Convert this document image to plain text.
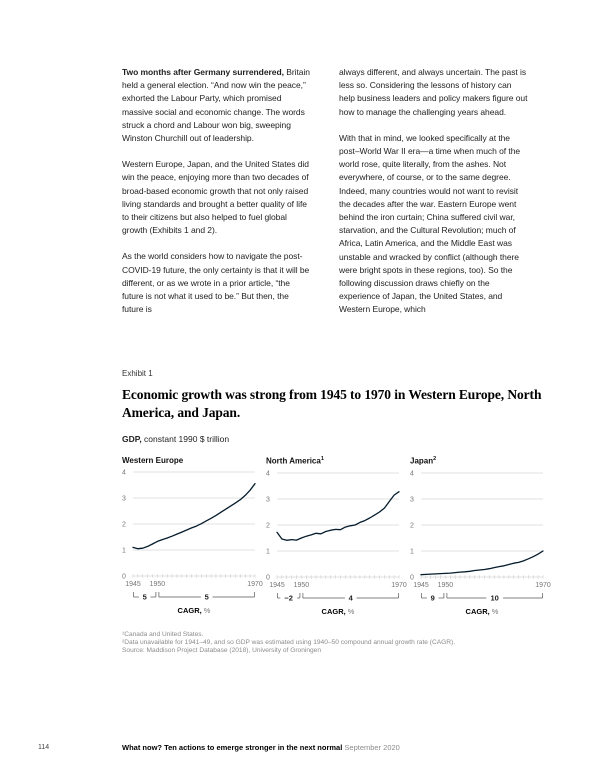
Two months after Germany surrendered, Britain held a general election. “And now win the peace,” exhorted the Labour Party, which promised massive social and economic change. The words struck a chord and Labour won big, sweeping Winston Churchill out of leadership.

Western Europe, Japan, and the United States did win the peace, enjoying more than two decades of broad-based economic growth that not only raised living standards and brought a better quality of life to their citizens but also helped to fuel global growth (Exhibits 1 and 2).

As the world considers how to navigate the post-COVID-19 future, the only certainty is that it will be different, or as we wrote in a prior article, “the future is not what it used to be.” But then, the future is

always different, and always uncertain. The past is less so. Considering the lessons of history can help business leaders and policy makers figure out how to manage the challenging years ahead.

With that in mind, we looked specifically at the post–World War II era—a time when much of the world rose, quite literally, from the ashes. Not everywhere, of course, or to the same degree. Indeed, many countries would not want to revisit the decades after the war. Eastern Europe went behind the iron curtain; China suffered civil war, starvation, and the Cultural Revolution; much of Africa, Latin America, and the Middle East was unstable and wracked by conflict (although there were bright spots in these regions, too). So the following discussion draws chiefly on the experience of Japan, the United States, and Western Europe, which

Exhibit 1
Economic growth was strong from 1945 to 1970 in Western Europe, North America, and Japan.
GDP, constant 1990 $ trillion
Western Europe
4
3
2
1
0
1945 1950	1970
5	5
CAGR, %
North America$^1$
4
3
2
1
0
1945 1950	1970
−2	4
CAGR, %
Japan$^2$
4
3
2
1
0
1945 1950	1970
9	10
CAGR, %
¹Canada and United States.
²Data unavailable for 1941–49, and so GDP was estimated using 1940–50 compound annual growth rate (CAGR).
Source: Maddison Project Database (2018), University of Groningen
114	What now? Ten actions to emerge stronger in the next normal September 2020
